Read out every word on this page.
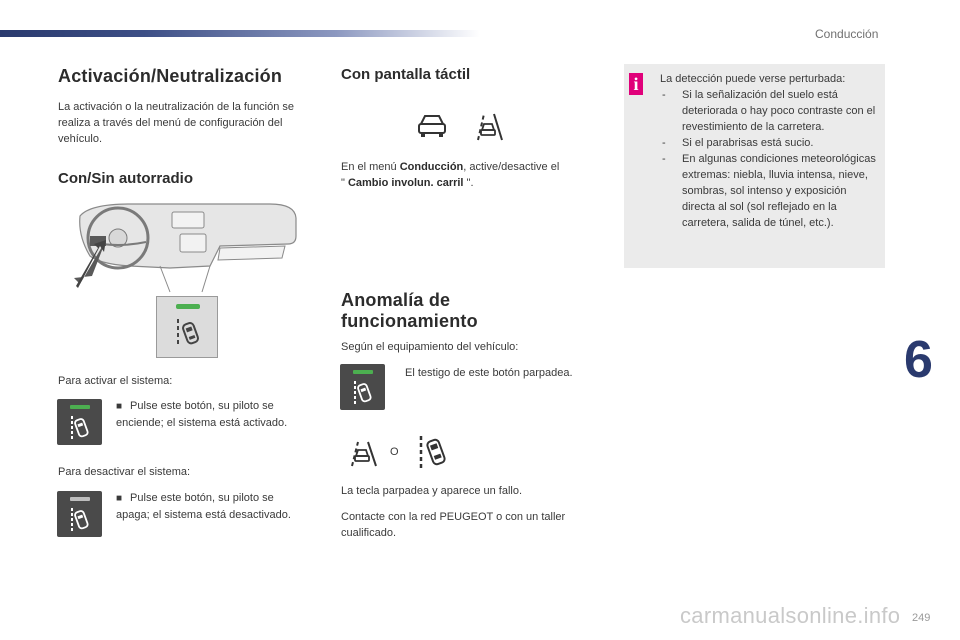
Conducción
Activación/Neutralización
La activación o la neutralización de la función se realiza a través del menú de configuración del vehículo.
Con/Sin autorradio
Para activar el sistema:
■ Pulse este botón, su piloto se enciende; el sistema está activado.
Para desactivar el sistema:
■ Pulse este botón, su piloto se apaga; el sistema está desactivado.
Con pantalla táctil
En el menú Conducción, active/desactive el
" Cambio involun. carril ".
Anomalía de
funcionamiento
Según el equipamiento del vehículo:
El testigo de este botón parpadea.
O
La tecla parpadea y aparece un fallo.
Contacte con la red PEUGEOT o con un taller cualificado.
i	La detección puede verse perturbada:
- Si la señalización del suelo está deteriorada o hay poco contraste con el revestimiento de la carretera.
- Si el parabrisas está sucio.
- En algunas condiciones meteorológicas extremas: niebla, lluvia intensa, nieve, sombras, sol intenso y exposición directa al sol (sol reflejado en la carretera, salida de túnel, etc.).
6
carmanualsonline.info 249
